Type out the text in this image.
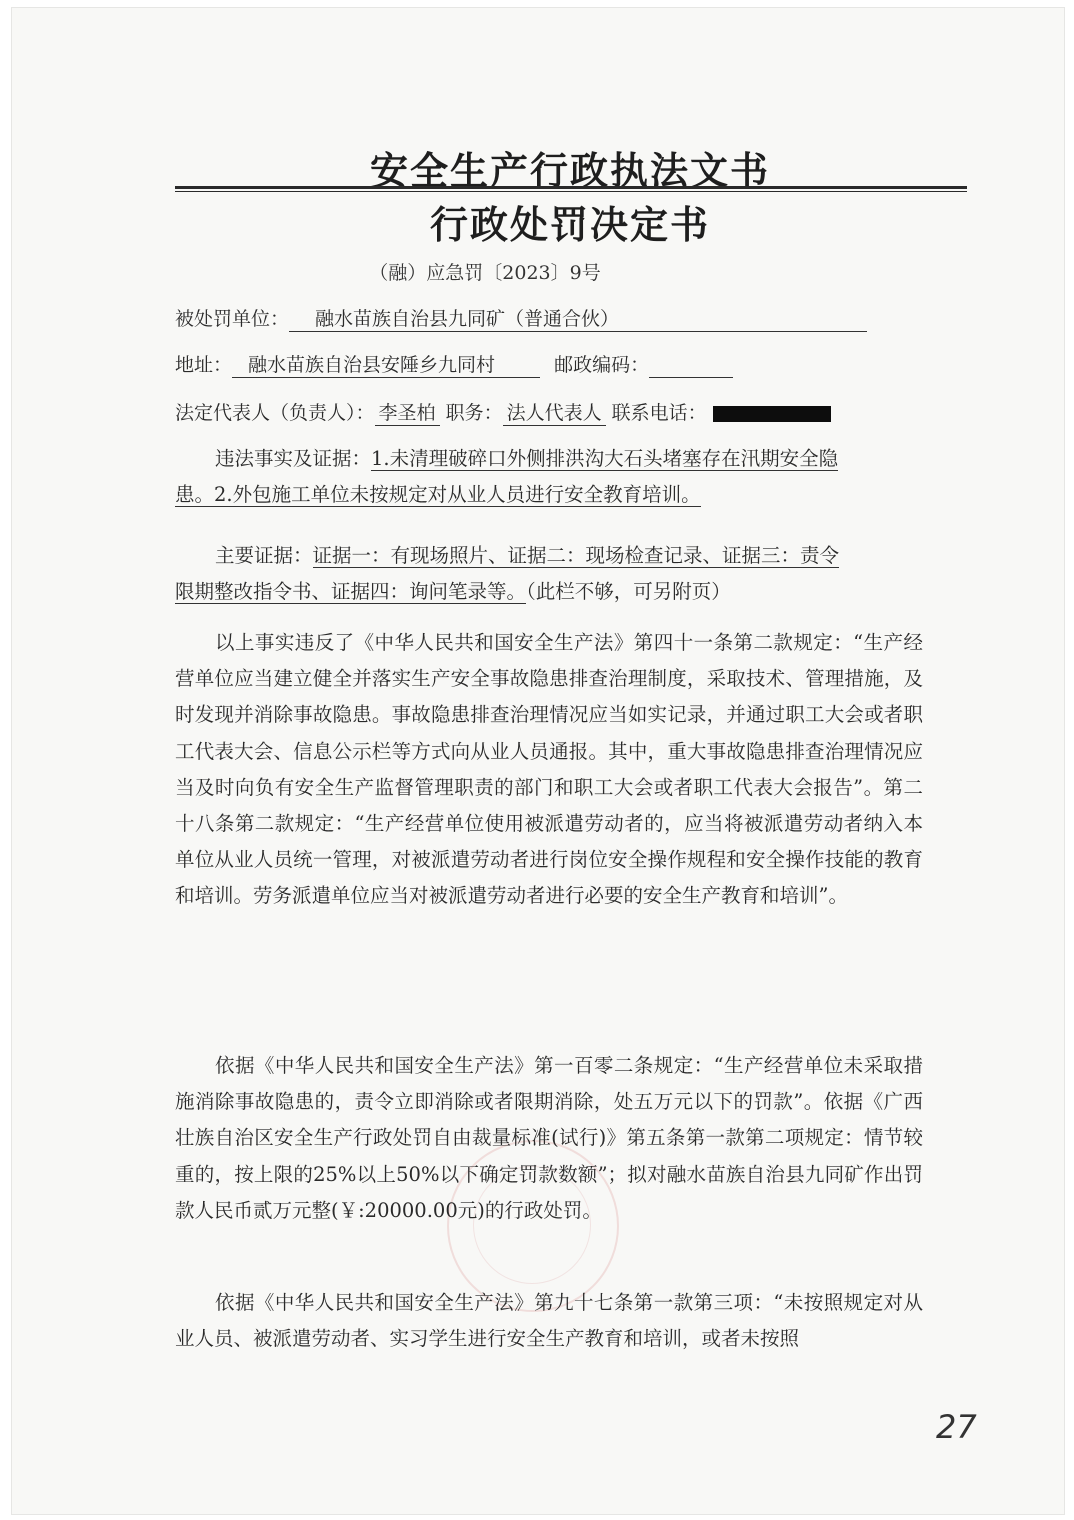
安全生产行政执法文书
行政处罚决定书
（融）应急罚〔2023〕9号
被处罚单位： 融水苗族自治县九同矿（普通合伙）
地址： 融水苗族自治县安陲乡九同村	邮政编码：
法定代表人（负责人）： 李圣柏 职务： 法人代表人 联系电话：
违法事实及证据：1.未清理破碎口外侧排洪沟大石头堵塞存在汛期安全隐
患。2.外包施工单位未按规定对从业人员进行安全教育培训。
主要证据：证据一：有现场照片、证据二：现场检查记录、证据三：责令
限期整改指令书、证据四：询问笔录等。（此栏不够，可另附页）
以上事实违反了《中华人民共和国安全生产法》第四十一条第二款规定：“生产经营单位应当建立健全并落实生产安全事故隐患排查治理制度，采取技术、管理措施，及时发现并消除事故隐患。事故隐患排查治理情况应当如实记录，并通过职工大会或者职工代表大会、信息公示栏等方式向从业人员通报。其中，重大事故隐患排查治理情况应当及时向负有安全生产监督管理职责的部门和职工大会或者职工代表大会报告”。第二十八条第二款规定：“生产经营单位使用被派遣劳动者的，应当将被派遣劳动者纳入本单位从业人员统一管理，对被派遣劳动者进行岗位安全操作规程和安全操作技能的教育和培训。劳务派遣单位应当对被派遣劳动者进行必要的安全生产教育和培训”。
依据《中华人民共和国安全生产法》第一百零二条规定：“生产经营单位未采取措施消除事故隐患的，责令立即消除或者限期消除，处五万元以下的罚款”。依据《广西壮族自治区安全生产行政处罚自由裁量标准(试行)》第五条第一款第二项规定：情节较重的，按上限的25%以上50%以下确定罚款数额”；拟对融水苗族自治县九同矿作出罚款人民币贰万元整(￥:20000.00元)的行政处罚。
依据《中华人民共和国安全生产法》第九十七条第一款第三项：“未按照规定对从业人员、被派遣劳动者、实习学生进行安全生产教育和培训，或者未按照
27
